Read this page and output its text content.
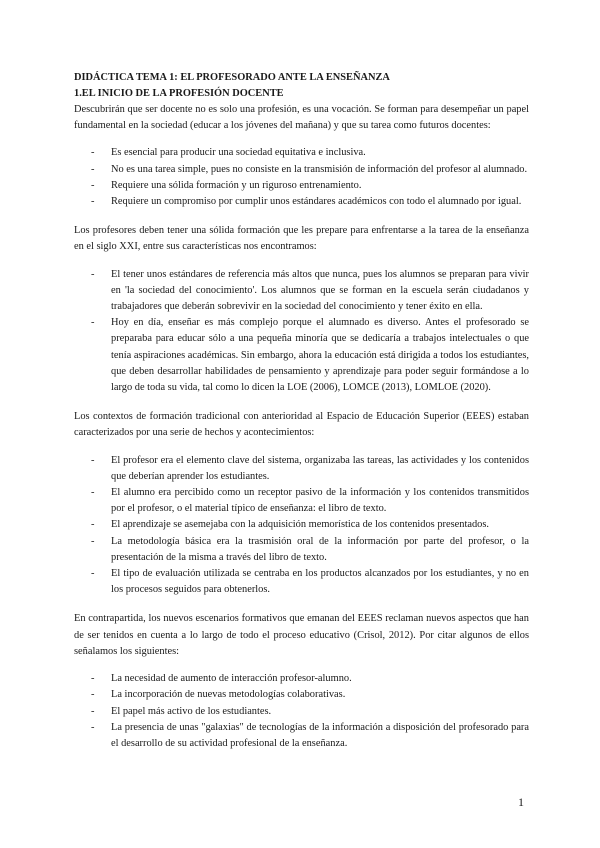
DIDÁCTICA TEMA 1: EL PROFESORADO ANTE LA ENSEÑANZA
1.EL INICIO DE LA PROFESIÓN DOCENTE

Descubrirán que ser docente no es solo una profesión, es una vocación. Se forman para desempeñar un papel fundamental en la sociedad (educar a los jóvenes del mañana) y que su tarea como futuros docentes:

- Es esencial para producir una sociedad equitativa e inclusiva.
- No es una tarea simple, pues no consiste en la transmisión de información del profesor al alumnado.
- Requiere una sólida formación y un riguroso entrenamiento.
- Requiere un compromiso por cumplir unos estándares académicos con todo el alumnado por igual.

Los profesores deben tener una sólida formación que les prepare para enfrentarse a la tarea de la enseñanza en el siglo XXI, entre sus características nos encontramos:

- El tener unos estándares de referencia más altos que nunca, pues los alumnos se preparan para vivir en 'la sociedad del conocimiento'. Los alumnos que se forman en la escuela serán ciudadanos y trabajadores que deberán sobrevivir en la sociedad del conocimiento y tener éxito en ella.
- Hoy en día, enseñar es más complejo porque el alumnado es diverso. Antes el profesorado se preparaba para educar sólo a una pequeña minoría que se dedicaría a trabajos intelectuales o que tenía aspiraciones académicas. Sin embargo, ahora la educación está dirigida a todos los estudiantes, que deben desarrollar habilidades de pensamiento y aprendizaje para poder seguir formándose a lo largo de toda su vida, tal como lo dicen la LOE (2006), LOMCE (2013), LOMLOE (2020).

Los contextos de formación tradicional con anterioridad al Espacio de Educación Superior (EEES) estaban caracterizados por una serie de hechos y acontecimientos:

- El profesor era el elemento clave del sistema, organizaba las tareas, las actividades y los contenidos que deberían aprender los estudiantes.
- El alumno era percibido como un receptor pasivo de la información y los contenidos transmitidos por el profesor, o el material típico de enseñanza: el libro de texto.
- El aprendizaje se asemejaba con la adquisición memorística de los contenidos presentados.
- La metodología básica era la trasmisión oral de la información por parte del profesor, o la presentación de la misma a través del libro de texto.
- El tipo de evaluación utilizada se centraba en los productos alcanzados por los estudiantes, y no en los procesos seguidos para obtenerlos.

En contrapartida, los nuevos escenarios formativos que emanan del EEES reclaman nuevos aspectos que han de ser tenidos en cuenta a lo largo de todo el proceso educativo (Crisol, 2012). Por citar algunos de ellos señalamos los siguientes:

- La necesidad de aumento de interacción profesor-alumno.
- La incorporación de nuevas metodologías colaborativas.
- El papel más activo de los estudiantes.
- La presencia de unas "galaxias" de tecnologías de la información a disposición del profesorado para el desarrollo de su actividad profesional de la enseñanza.
1
